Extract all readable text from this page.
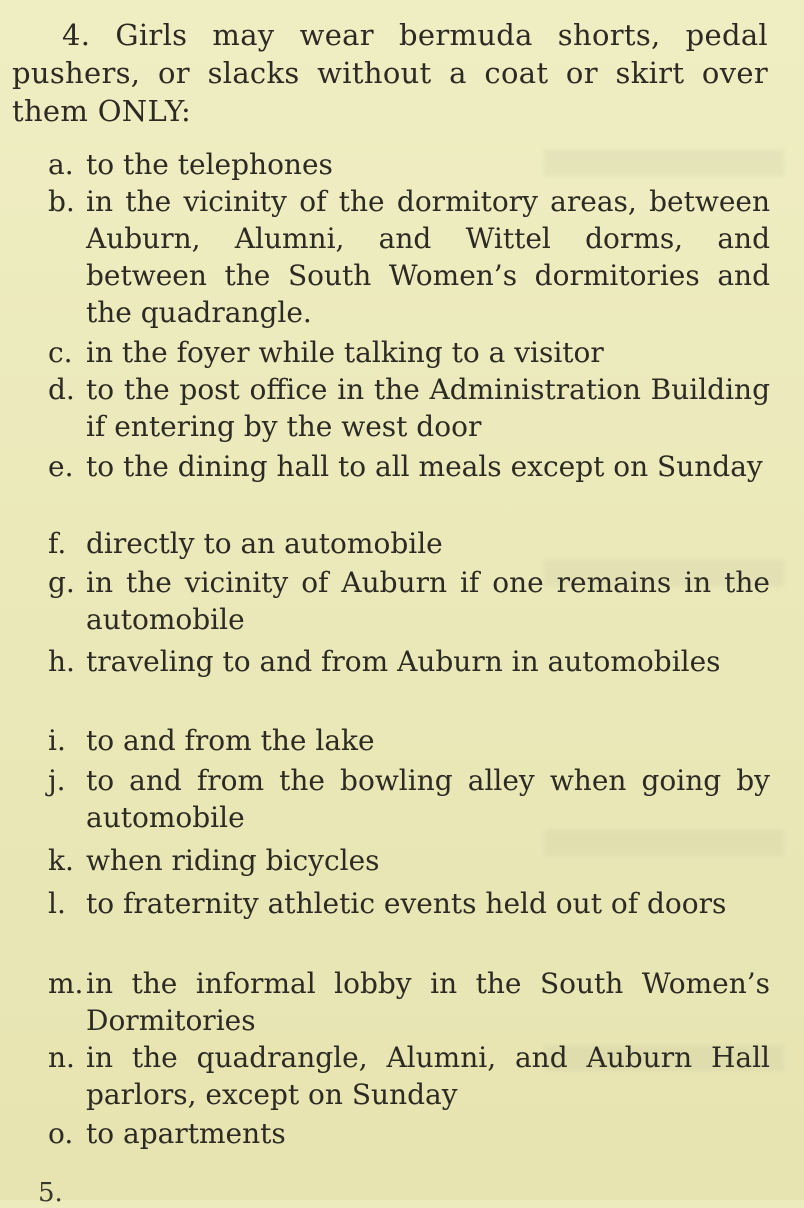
4. Girls may wear bermuda shorts, pedal
pushers, or slacks without a coat or skirt over
them ONLY:
a. to the telephones
b. in the vicinity of the dormitory areas, between Auburn, Alumni, and Wittel dorms, and between the South Women’s dormitories and the quadrangle.
c. in the foyer while talking to a visitor
d. to the post office in the Administration Building if entering by the west door
e. to the dining hall to all meals except on Sunday
f. directly to an automobile
g. in the vicinity of Auburn if one remains in the automobile
h. traveling to and from Auburn in automobiles
i. to and from the lake
j. to and from the bowling alley when going by automobile
k. when riding bicycles
l. to fraternity athletic events held out of doors
m. in the informal lobby in the South Women’s Dormitories
n. in the quadrangle, Alumni, and Auburn Hall parlors, except on Sunday
o. to apartments
5.
